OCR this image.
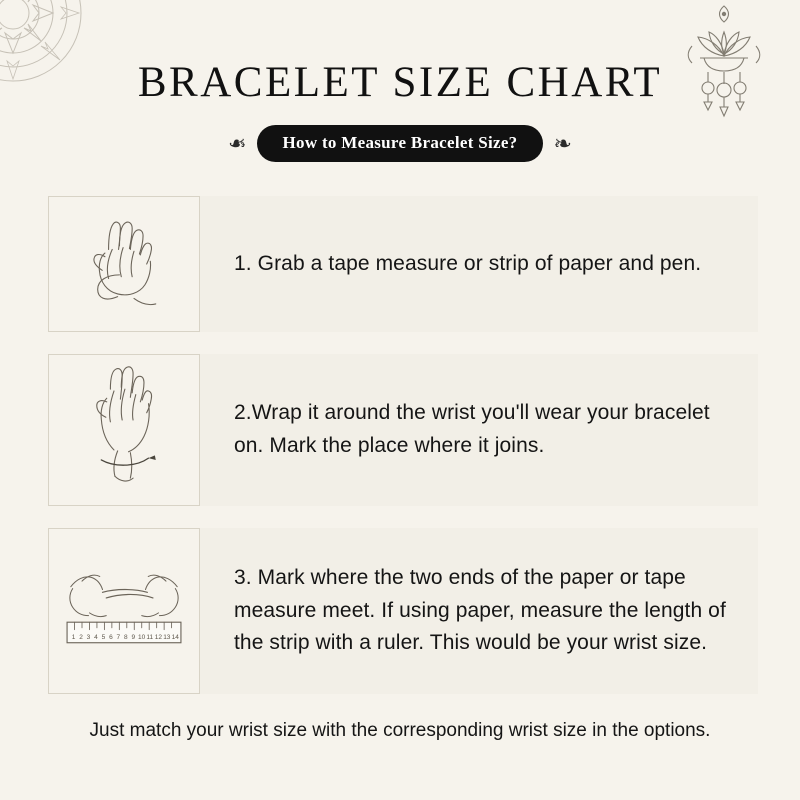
BRACELET SIZE CHART
❧	How to Measure Bracelet Size?	❧
1. Grab a tape measure or strip of paper and pen.
2.Wrap it around the wrist you'll wear your bracelet on. Mark the place where it joins.
1 2 3 4 5 6 7 8 9 10 11 12 13 14
3. Mark where the two ends of the paper or tape measure meet. If using paper, measure the length of the strip with a ruler. This would be your wrist size.
Just match your wrist size with the corresponding wrist size in the options.
